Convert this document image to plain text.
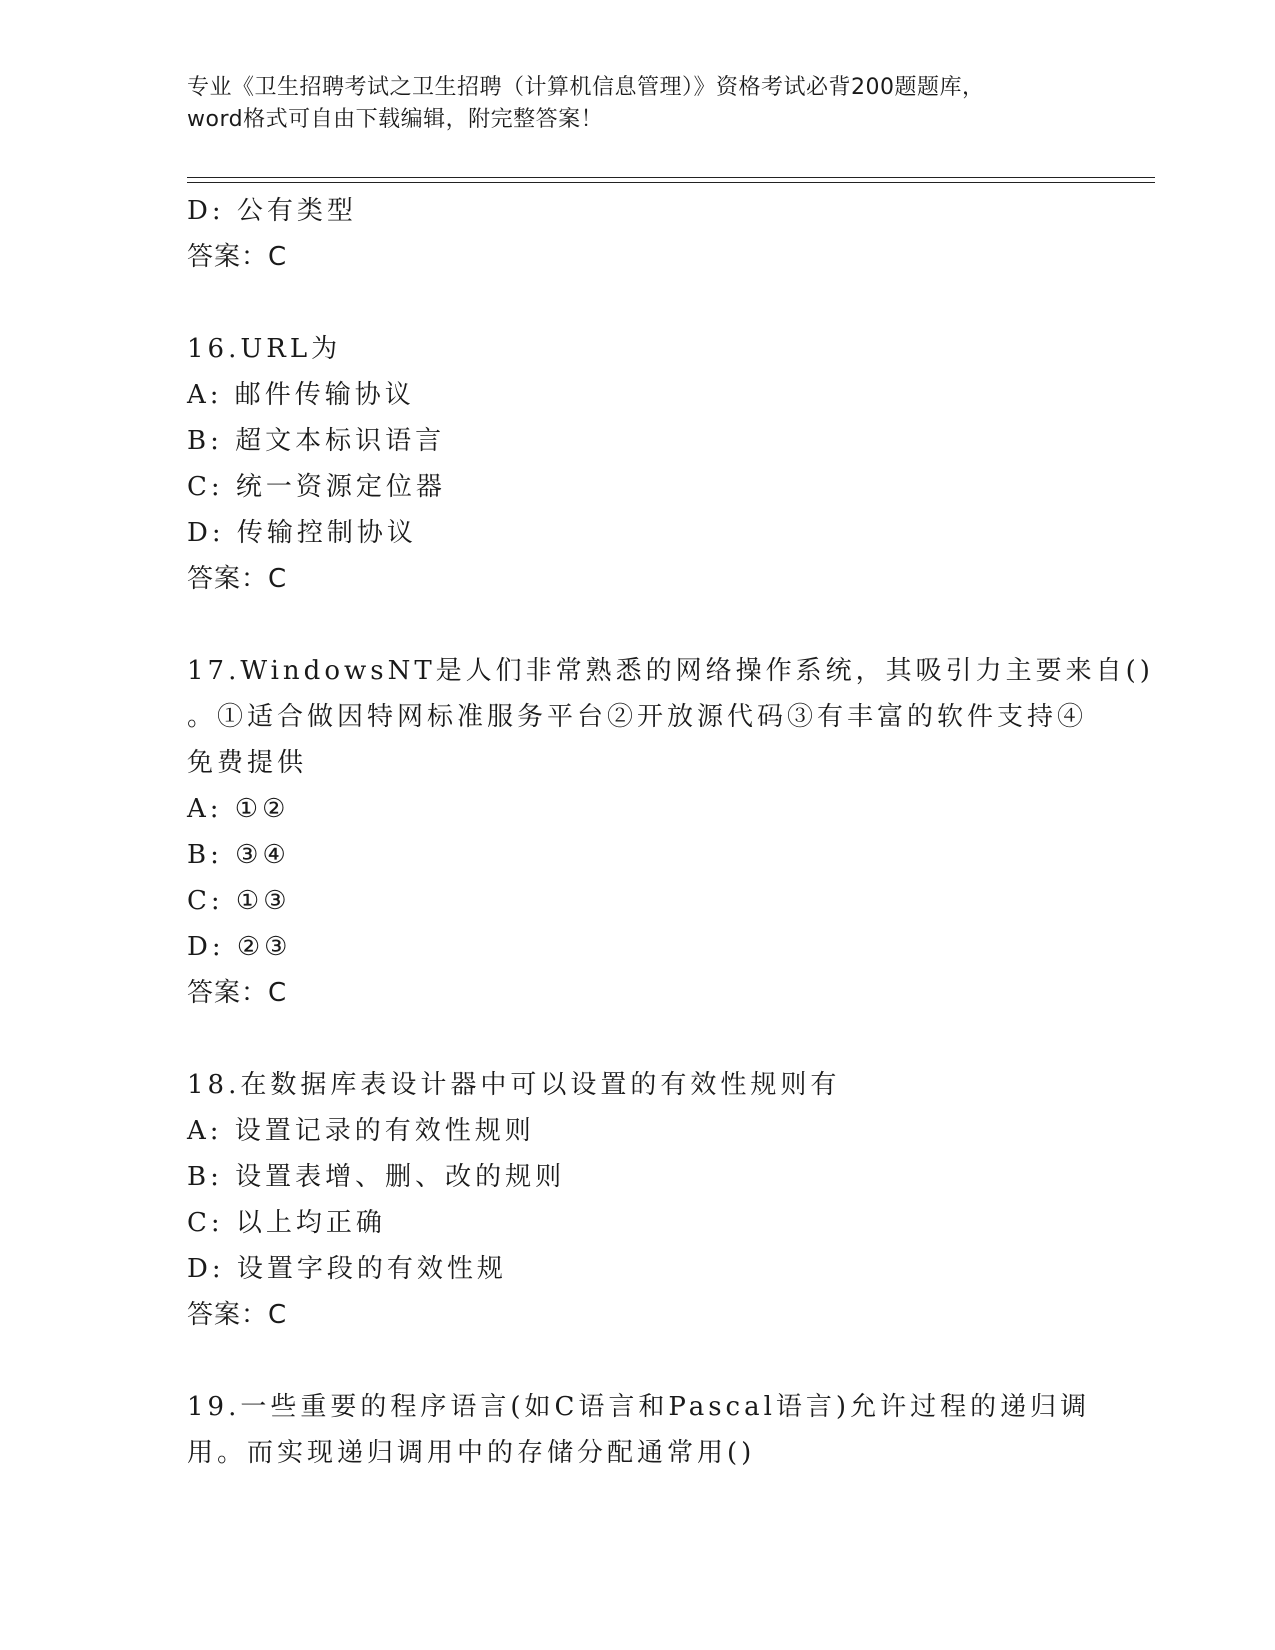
专业《卫生招聘考试之卫生招聘（计算机信息管理）》资格考试必背200题题库，
word格式可自由下载编辑，附完整答案！
D: 公有类型
答案：C
16.URL为
A: 邮件传输协议
B: 超文本标识语言
C: 统一资源定位器
D: 传输控制协议
答案：C
17.WindowsNT是人们非常熟悉的网络操作系统，其吸引力主要来自()
。①适合做因特网标准服务平台②开放源代码③有丰富的软件支持④
免费提供
A: ①②
B: ③④
C: ①③
D: ②③
答案：C
18.在数据库表设计器中可以设置的有效性规则有
A: 设置记录的有效性规则
B: 设置表增、删、改的规则
C: 以上均正确
D: 设置字段的有效性规
答案：C
19.一些重要的程序语言(如C语言和Pascal语言)允许过程的递归调
用。而实现递归调用中的存储分配通常用()
